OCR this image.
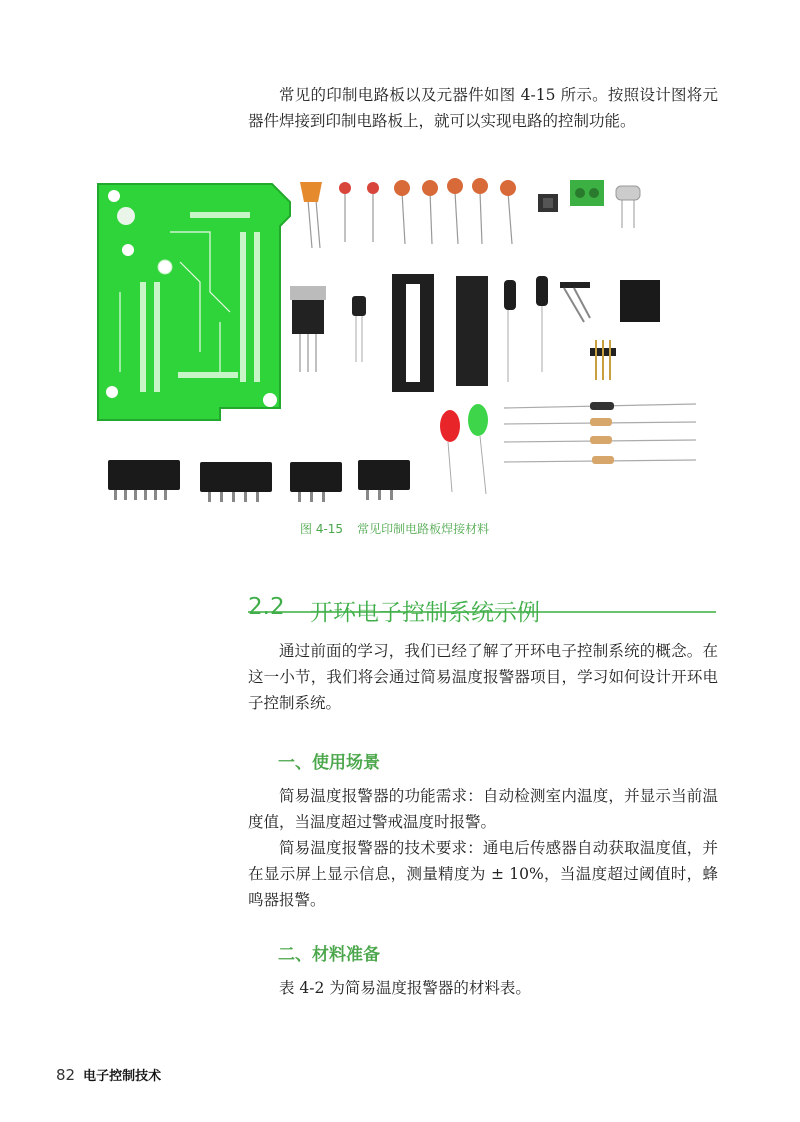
常见的印制电路板以及元器件如图 4-15 所示。按照设计图将元器件焊接到印制电路板上，就可以实现电路的控制功能。

图 4-15 常见印制电路板焊接材料
2.2 开环电子控制系统示例

通过前面的学习，我们已经了解了开环电子控制系统的概念。在这一小节，我们将会通过简易温度报警器项目，学习如何设计开环电子控制系统。

一、使用场景

简易温度报警器的功能需求：自动检测室内温度，并显示当前温度值，当温度超过警戒温度时报警。

简易温度报警器的技术要求：通电后传感器自动获取温度值，并在显示屏上显示信息，测量精度为 ± 10%，当温度超过阈值时，蜂鸣器报警。

二、材料准备

表 4-2 为简易温度报警器的材料表。

82 电子控制技术
